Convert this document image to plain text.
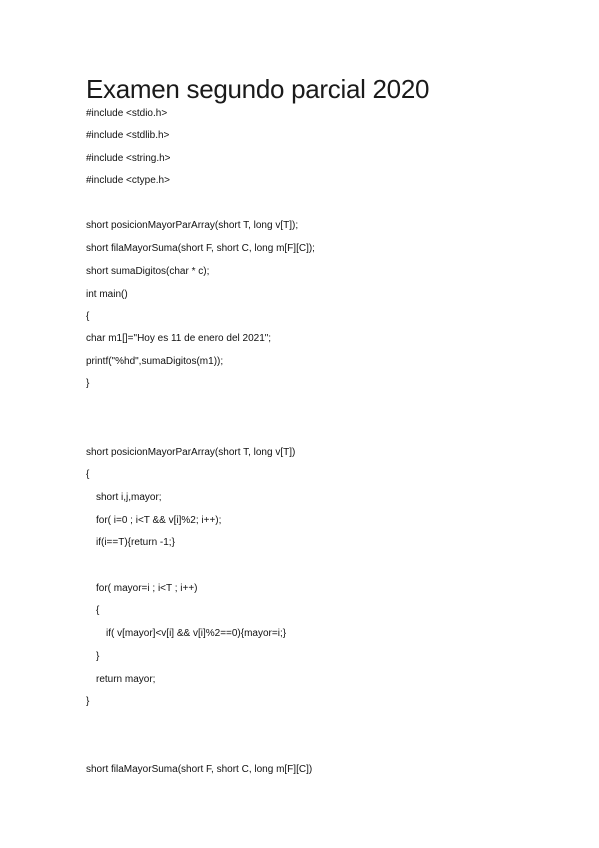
Examen segundo parcial 2020
#include <stdio.h>
#include <stdlib.h>
#include <string.h>
#include <ctype.h>
short posicionMayorParArray(short T, long v[T]);
short filaMayorSuma(short F, short C, long m[F][C]);
short sumaDigitos(char * c);
int main()
{
char m1[]="Hoy es 11 de enero del 2021";
printf("%hd",sumaDigitos(m1));
}
short posicionMayorParArray(short T, long v[T])
{
short i,j,mayor;
for( i=0 ; i<T && v[i]%2; i++);
if(i==T){return -1;}
for( mayor=i ; i<T ; i++)
{
if( v[mayor]<v[i] && v[i]%2==0){mayor=i;}
}
return mayor;
}
short filaMayorSuma(short F, short C, long m[F][C])
